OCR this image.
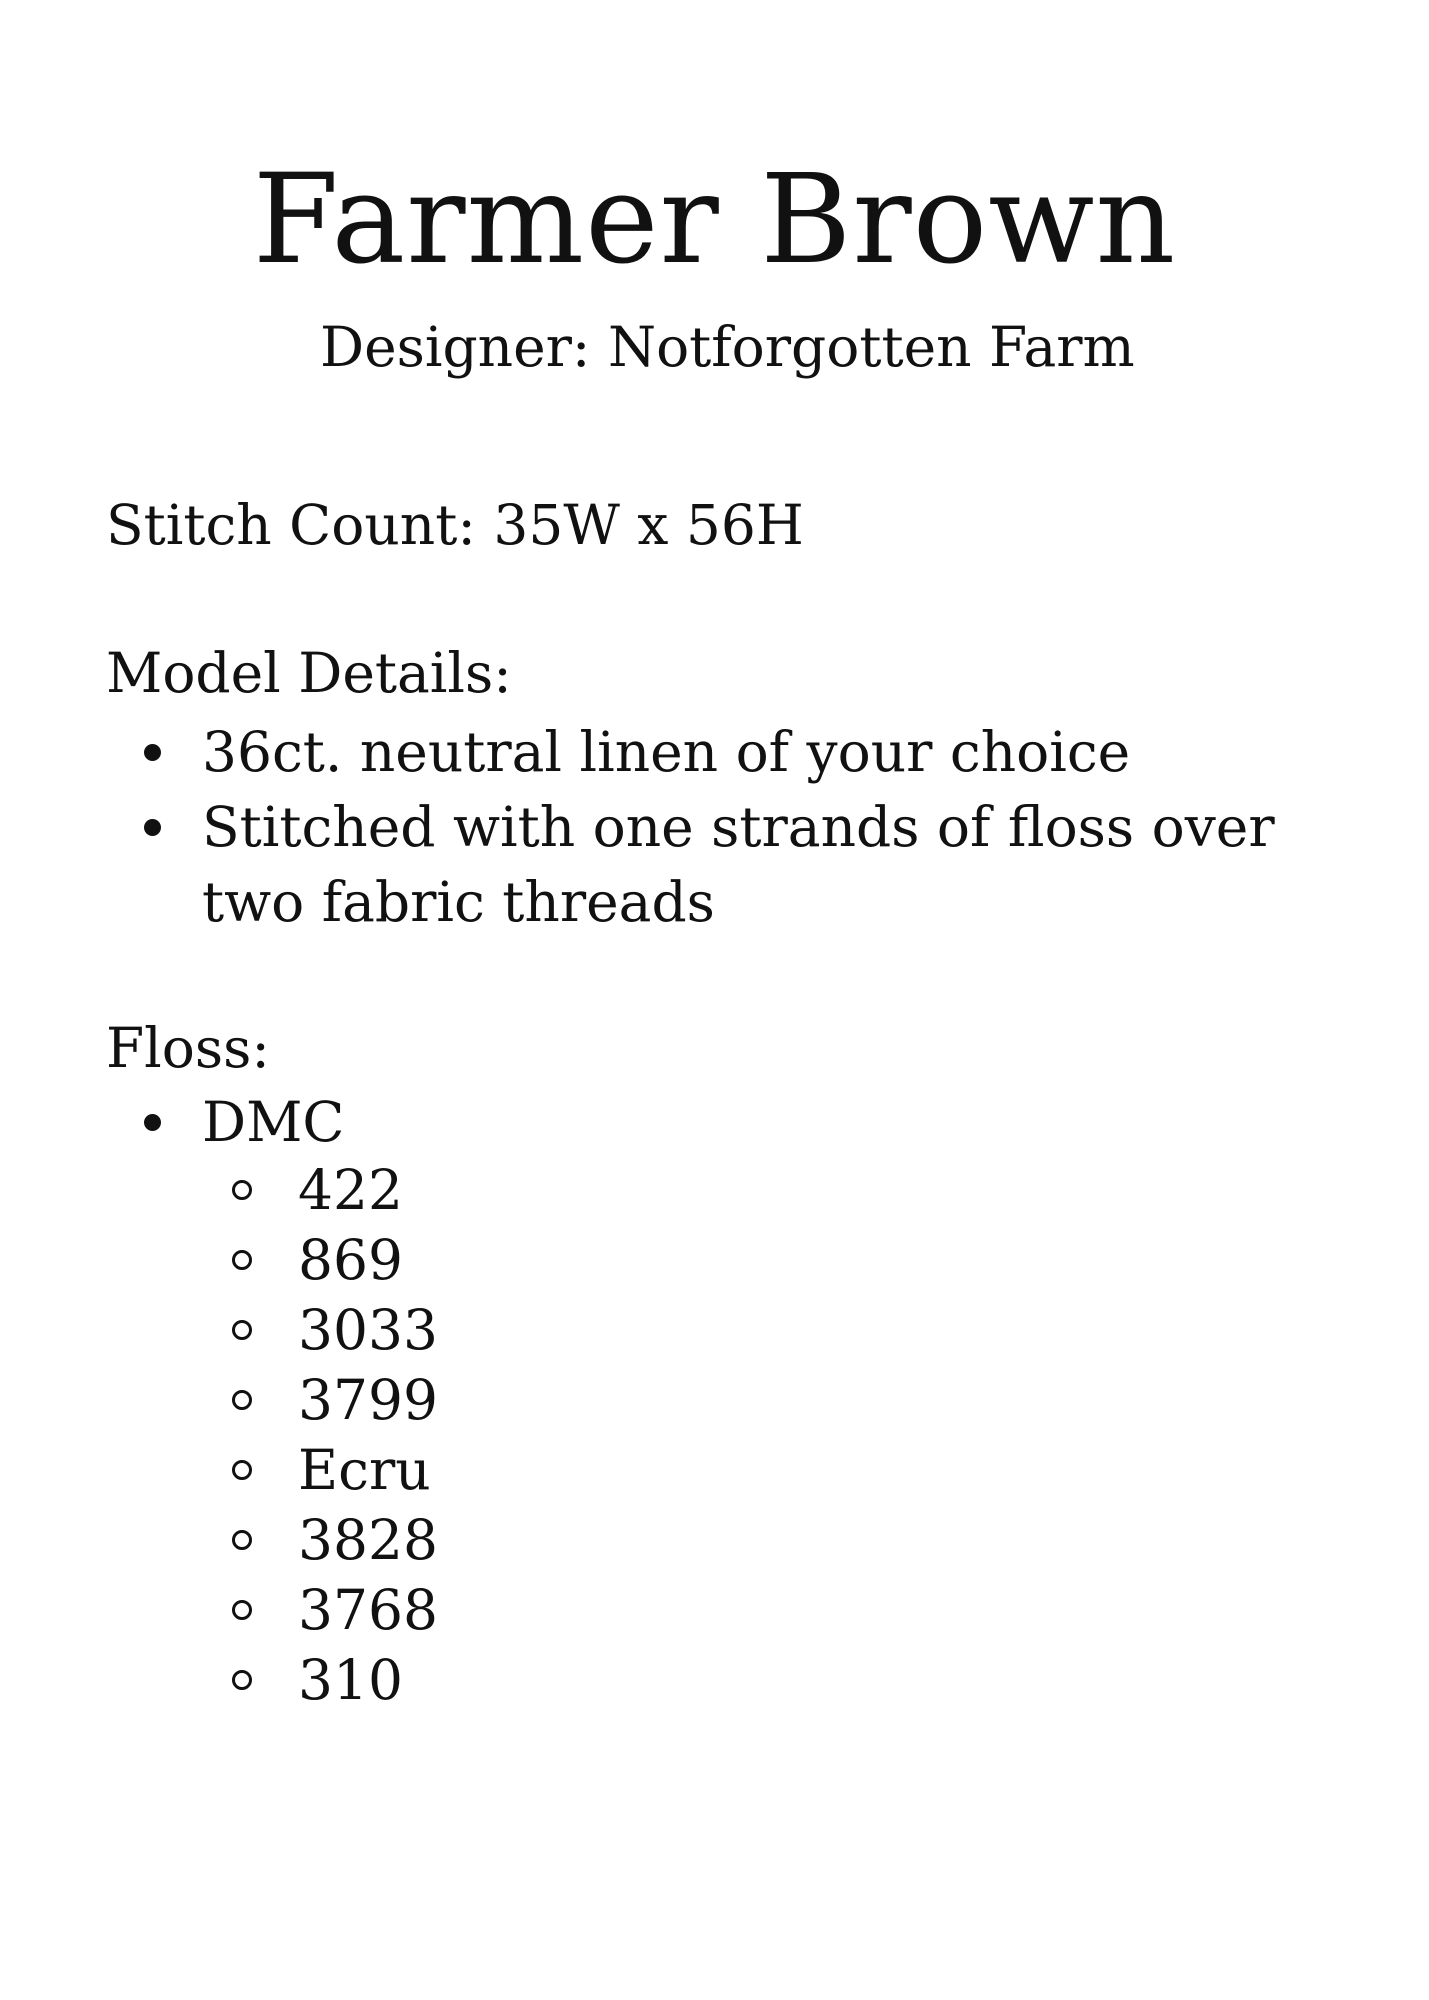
Farmer Brown
Designer: Notforgotten Farm
Stitch Count: 35W x 56H
Model Details:
36ct. neutral linen of your choice
Stitched with one strands of floss over two fabric threads
Floss:
DMC
422
869
3033
3799
Ecru
3828
3768
310
